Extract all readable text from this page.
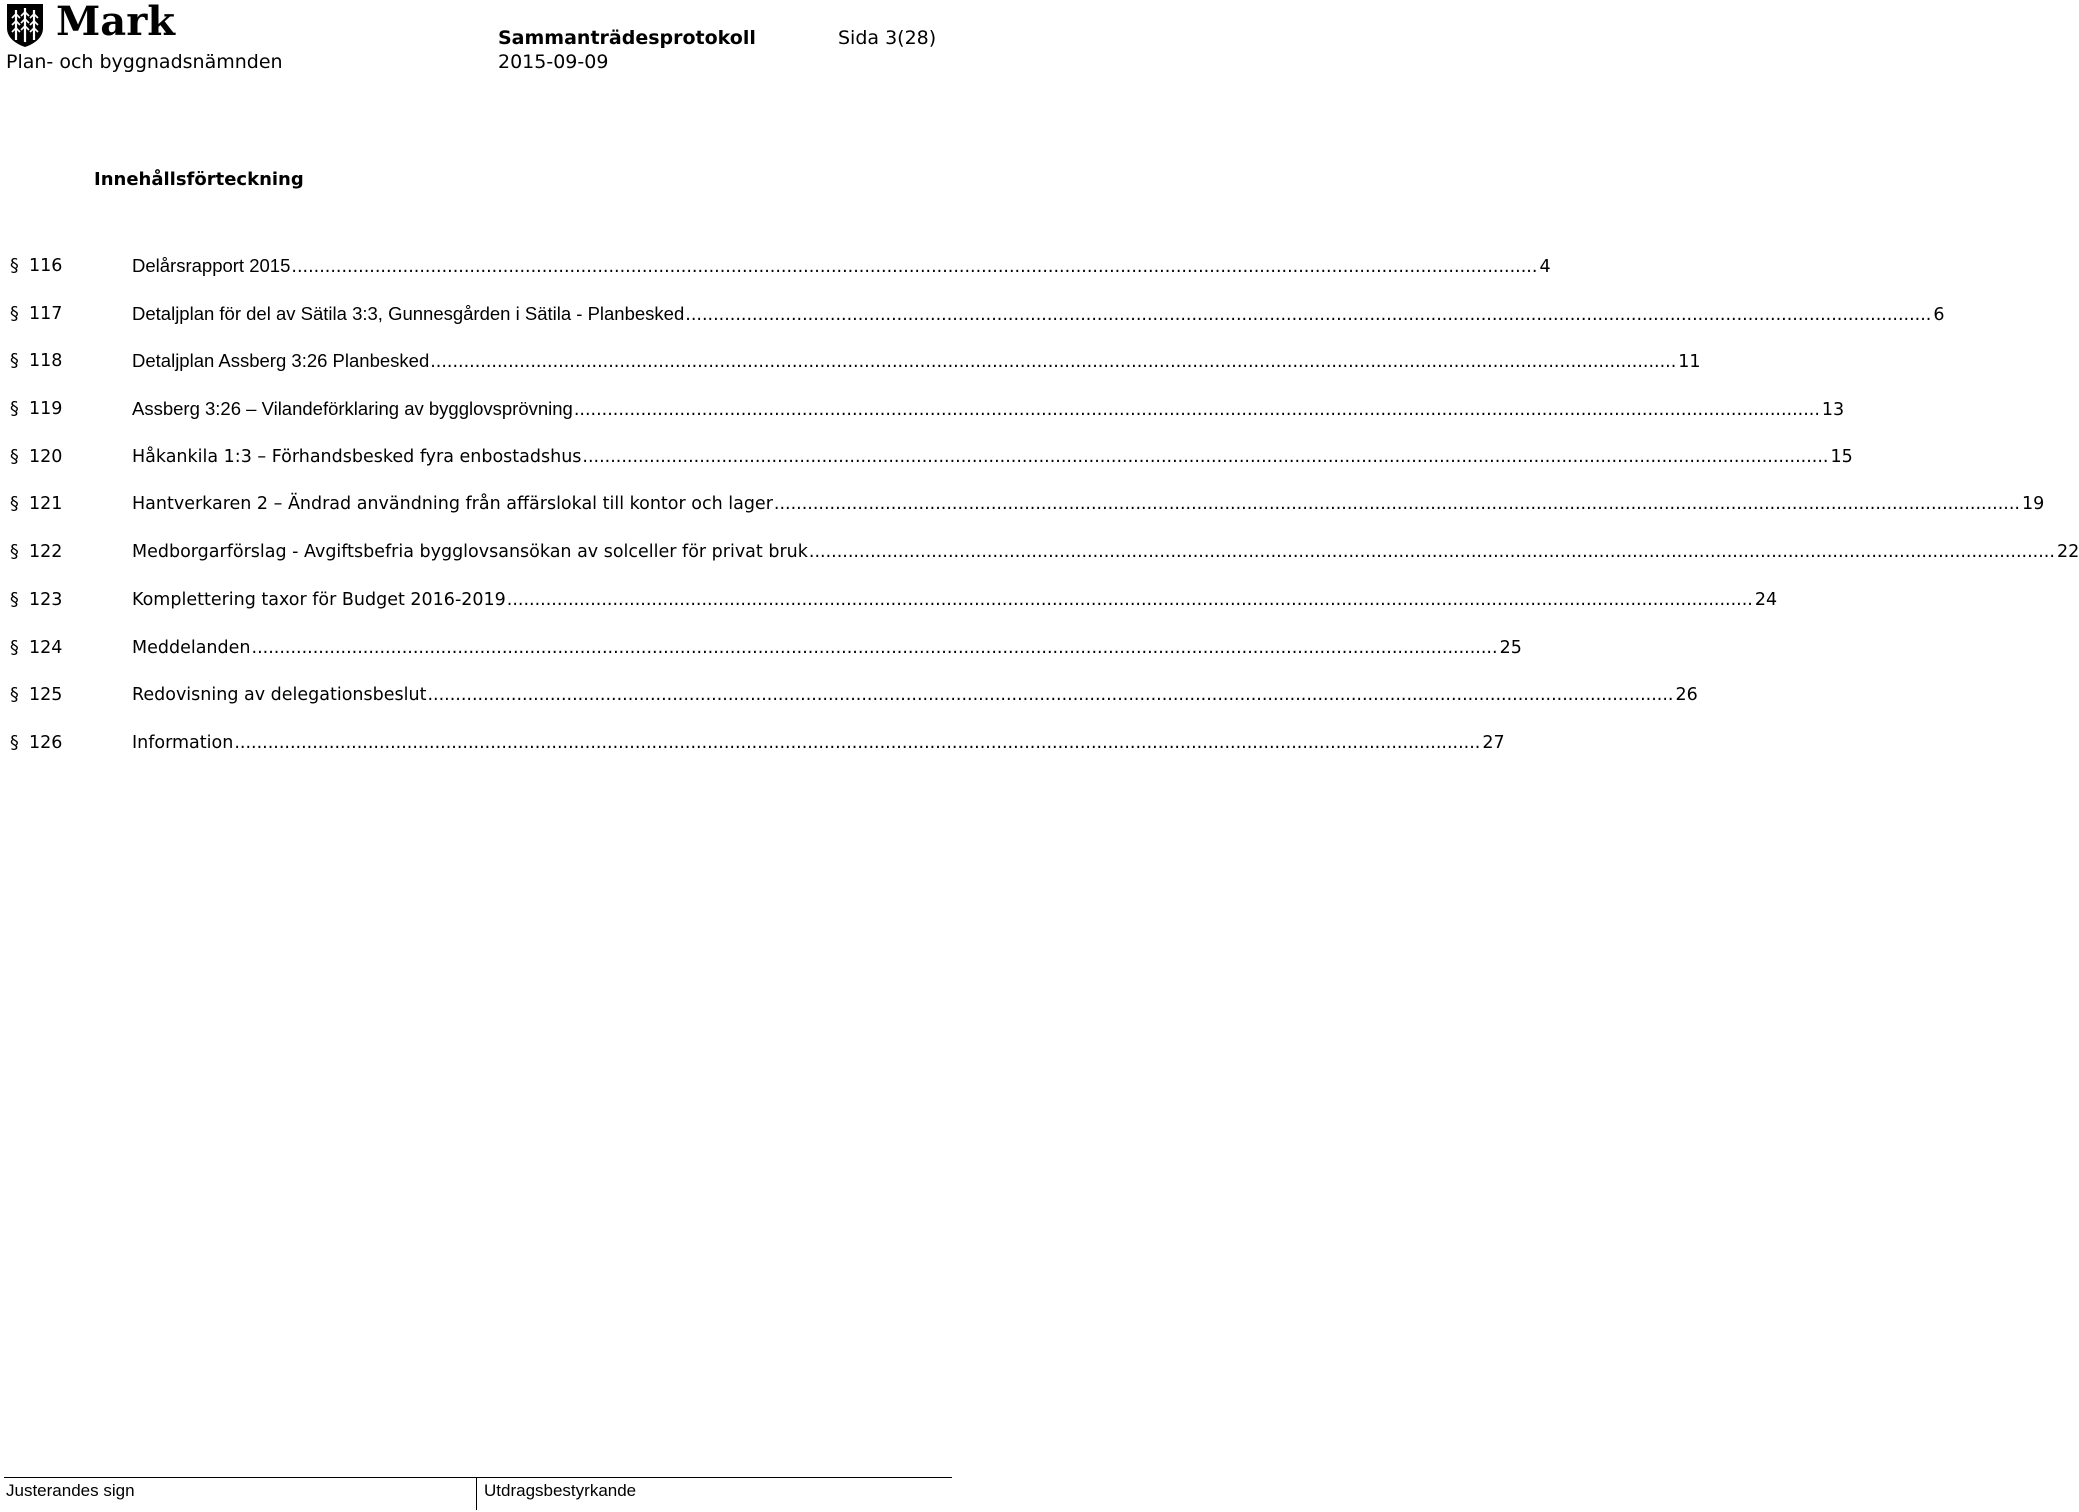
Mark
Plan- och byggnadsnämnden
Sammanträdesprotokoll
2015-09-09
Sida 3(28)
Innehållsförteckning
§ 116	Delårsrapport 2015 .....	4
§ 117	Detaljplan för del av Sätila 3:3, Gunnesgården i Sätila - Planbesked .....	6
§ 118	Detaljplan Assberg 3:26 Planbesked .....	11
§ 119	Assberg 3:26 – Vilandeförklaring av bygglovsprövning .....	13
§ 120	Håkankila 1:3 – Förhandsbesked fyra enbostadshus .....	15
§ 121	Hantverkaren 2 – Ändrad användning från affärslokal till kontor och lager .....	19
§ 122	Medborgarförslag - Avgiftsbefria bygglovsansökan av solceller för privat bruk .....	22
§ 123	Komplettering taxor för Budget 2016-2019 .....	24
§ 124	Meddelanden .....	25
§ 125	Redovisning av delegationsbeslut .....	26
§ 126	Information .....	27
Justerandes sign	Utdragsbestyrkande
